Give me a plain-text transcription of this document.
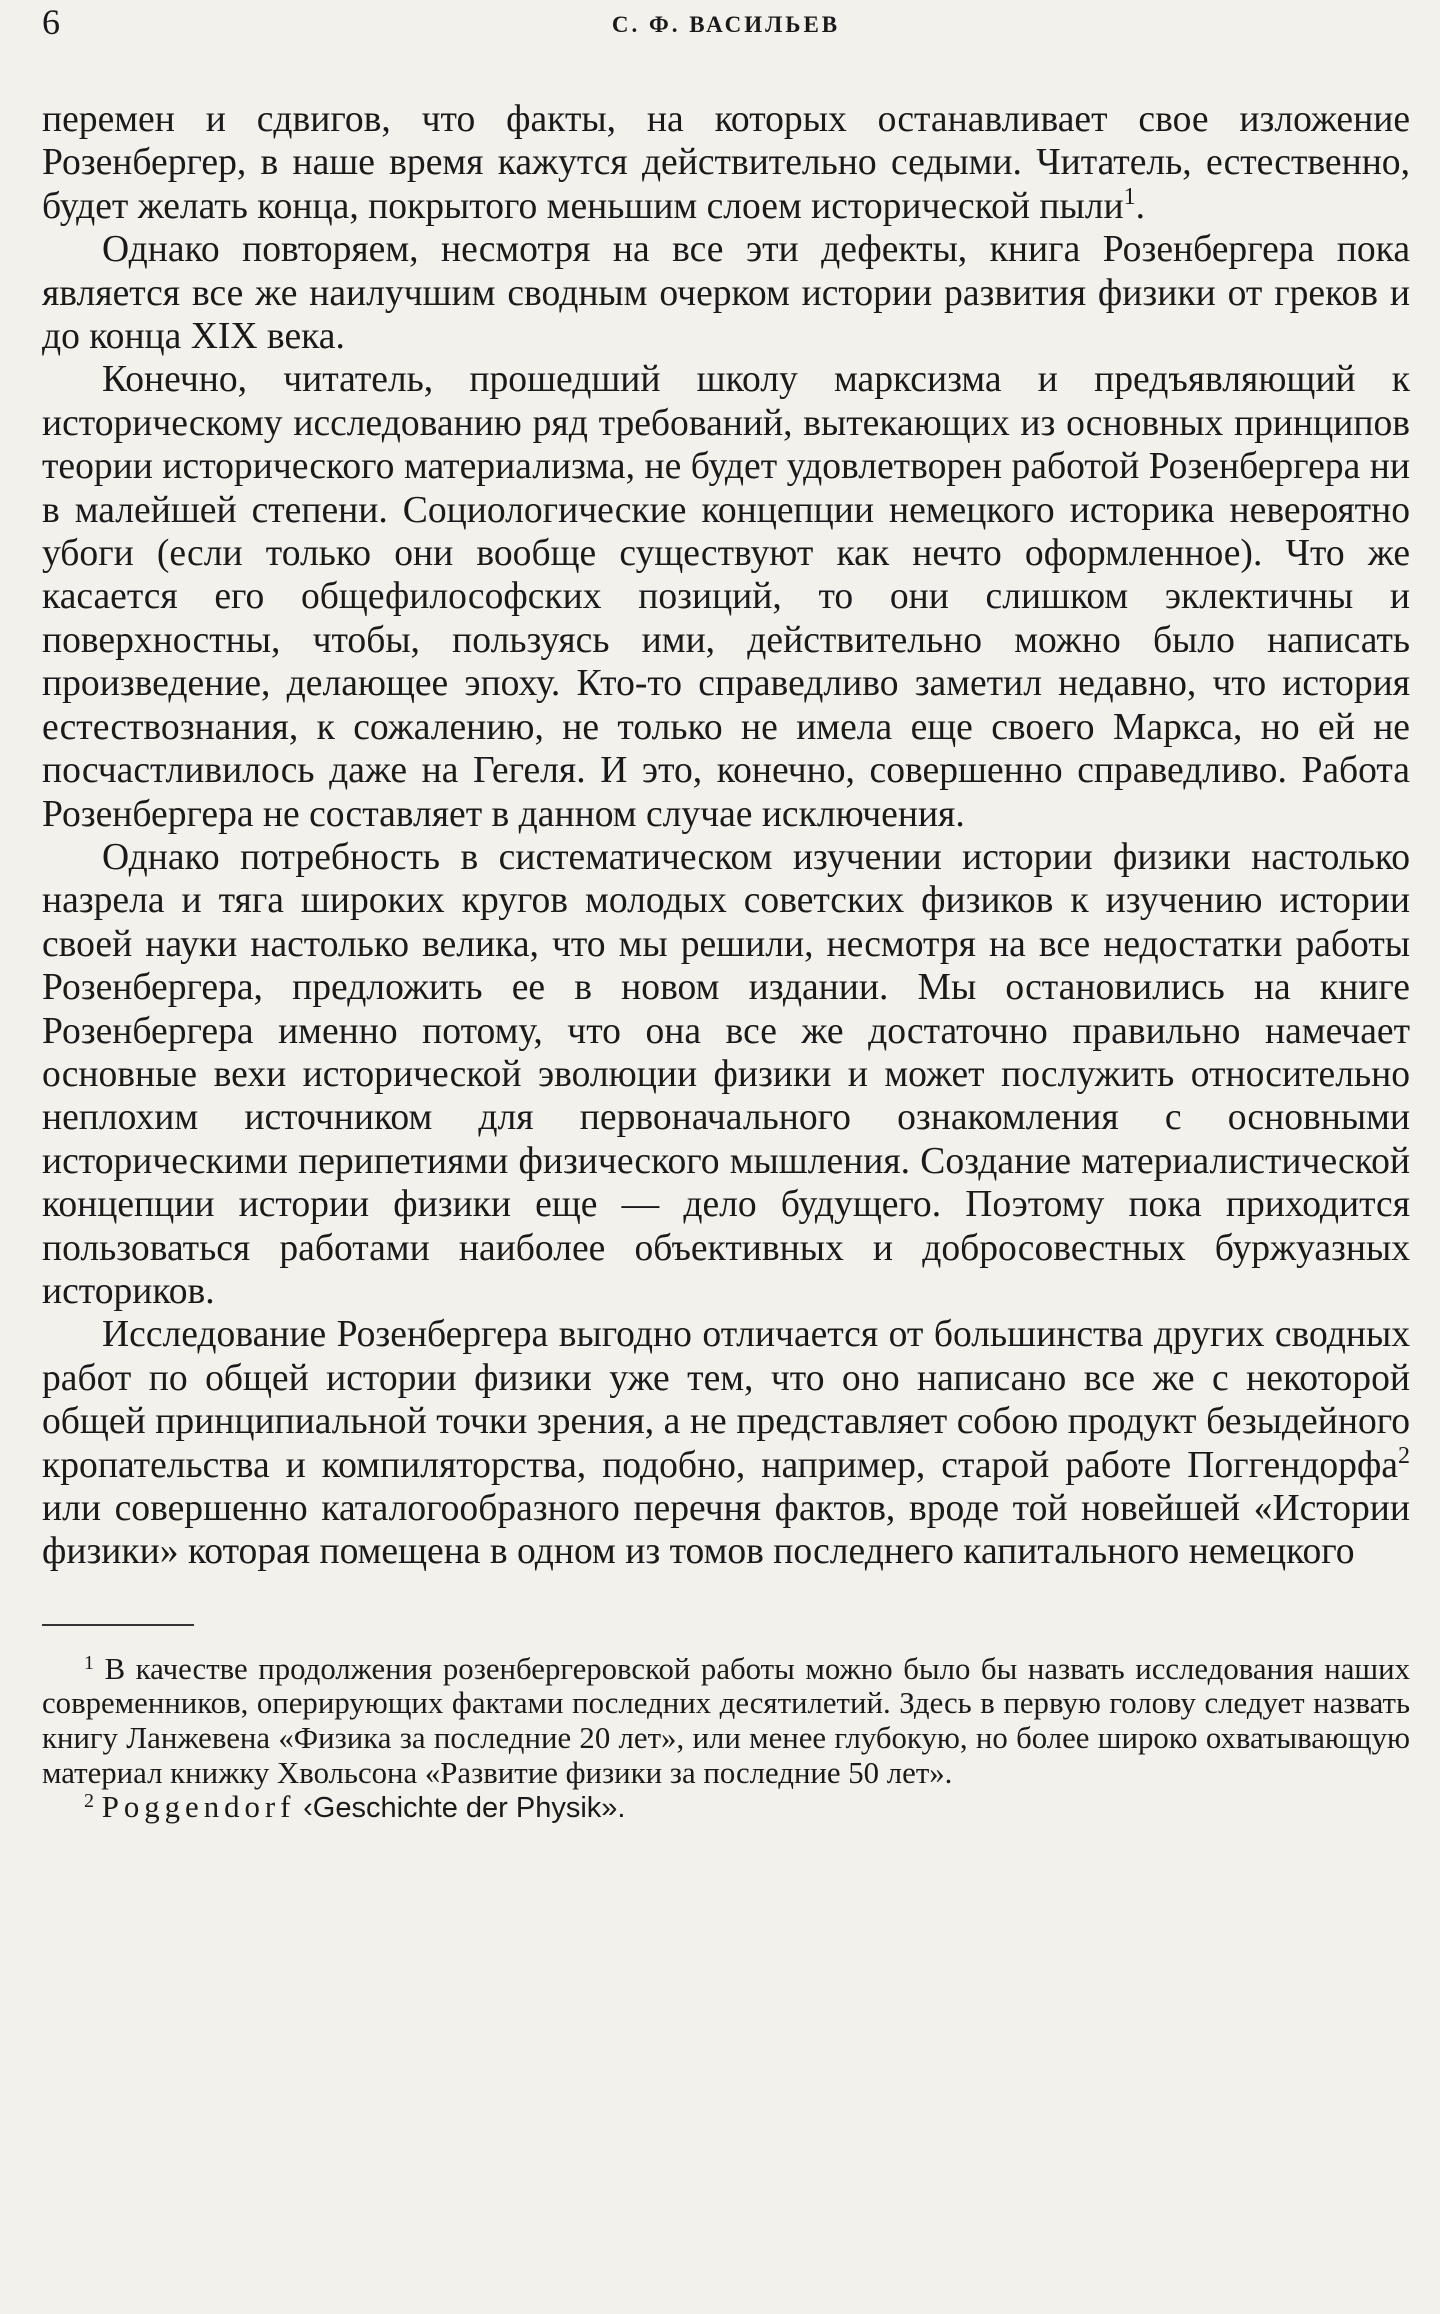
6	С. Ф. ВАСИЛЬЕВ

перемен и сдвигов, что факты, на которых останавливает свое изложение Розенбергер, в наше время кажутся действительно седыми. Читатель, естественно, будет желать конца, покрытого меньшим слоем исторической пыли$^1$.

Однако повторяем, несмотря на все эти дефекты, книга Розенбергера пока является все же наилучшим сводным очерком истории развития физики от греков и до конца XIX века.

Конечно, читатель, прошедший школу марксизма и предъявляющий к историческому исследованию ряд требований, вытекающих из основных принципов теории исторического материализма, не будет удовлетворен работой Розенбергера ни в малейшей степени. Социологические концепции немецкого историка невероятно убоги (если только они вообще существуют как нечто оформленное). Что же касается его общефилософских позиций, то они слишком эклектичны и поверхностны, чтобы, пользуясь ими, действительно можно было написать произведение, делающее эпоху. Кто-то справедливо заметил недавно, что история естествознания, к сожалению, не только не имела еще своего Маркса, но ей не посчастливилось даже на Гегеля. И это, конечно, совершенно справедливо. Работа Розенбергера не составляет в данном случае исключения.

Однако потребность в систематическом изучении истории физики настолько назрела и тяга широких кругов молодых советских физиков к изучению истории своей науки настолько велика, что мы решили, несмотря на все недостатки работы Розенбергера, предложить ее в новом издании. Мы остановились на книге Розенбергера именно потому, что она все же достаточно правильно намечает основные вехи исторической эволюции физики и может послужить относительно неплохим источником для первоначального ознакомления с основными историческими перипетиями физического мышления. Создание материалистической концепции истории физики еще — дело будущего. Поэтому пока приходится пользоваться работами наиболее объективных и добросовестных буржуазных историков.

Исследование Розенбергера выгодно отличается от большинства других сводных работ по общей истории физики уже тем, что оно написано все же с некоторой общей принципиальной точки зрения, а не представляет собою продукт безыдейного кропательства и компиляторства, подобно, например, старой работе Поггендорфа$^2$ или совершенно каталогообразного перечня фактов, вроде той новейшей «Истории физики» которая помещена в одном из томов последнего капитального немецкого

$^1$ В качестве продолжения розенбергеровской работы можно было бы назвать исследования наших современников, оперирующих фактами последних десятилетий. Здесь в первую голову следует назвать книгу Ланжевена «Физика за последние 20 лет», или менее глубокую, но более широко охватывающую материал книжку Хвольсона «Развитие физики за последние 50 лет».

$^2$ Poggendorf ‹Geschichte der Physik».
